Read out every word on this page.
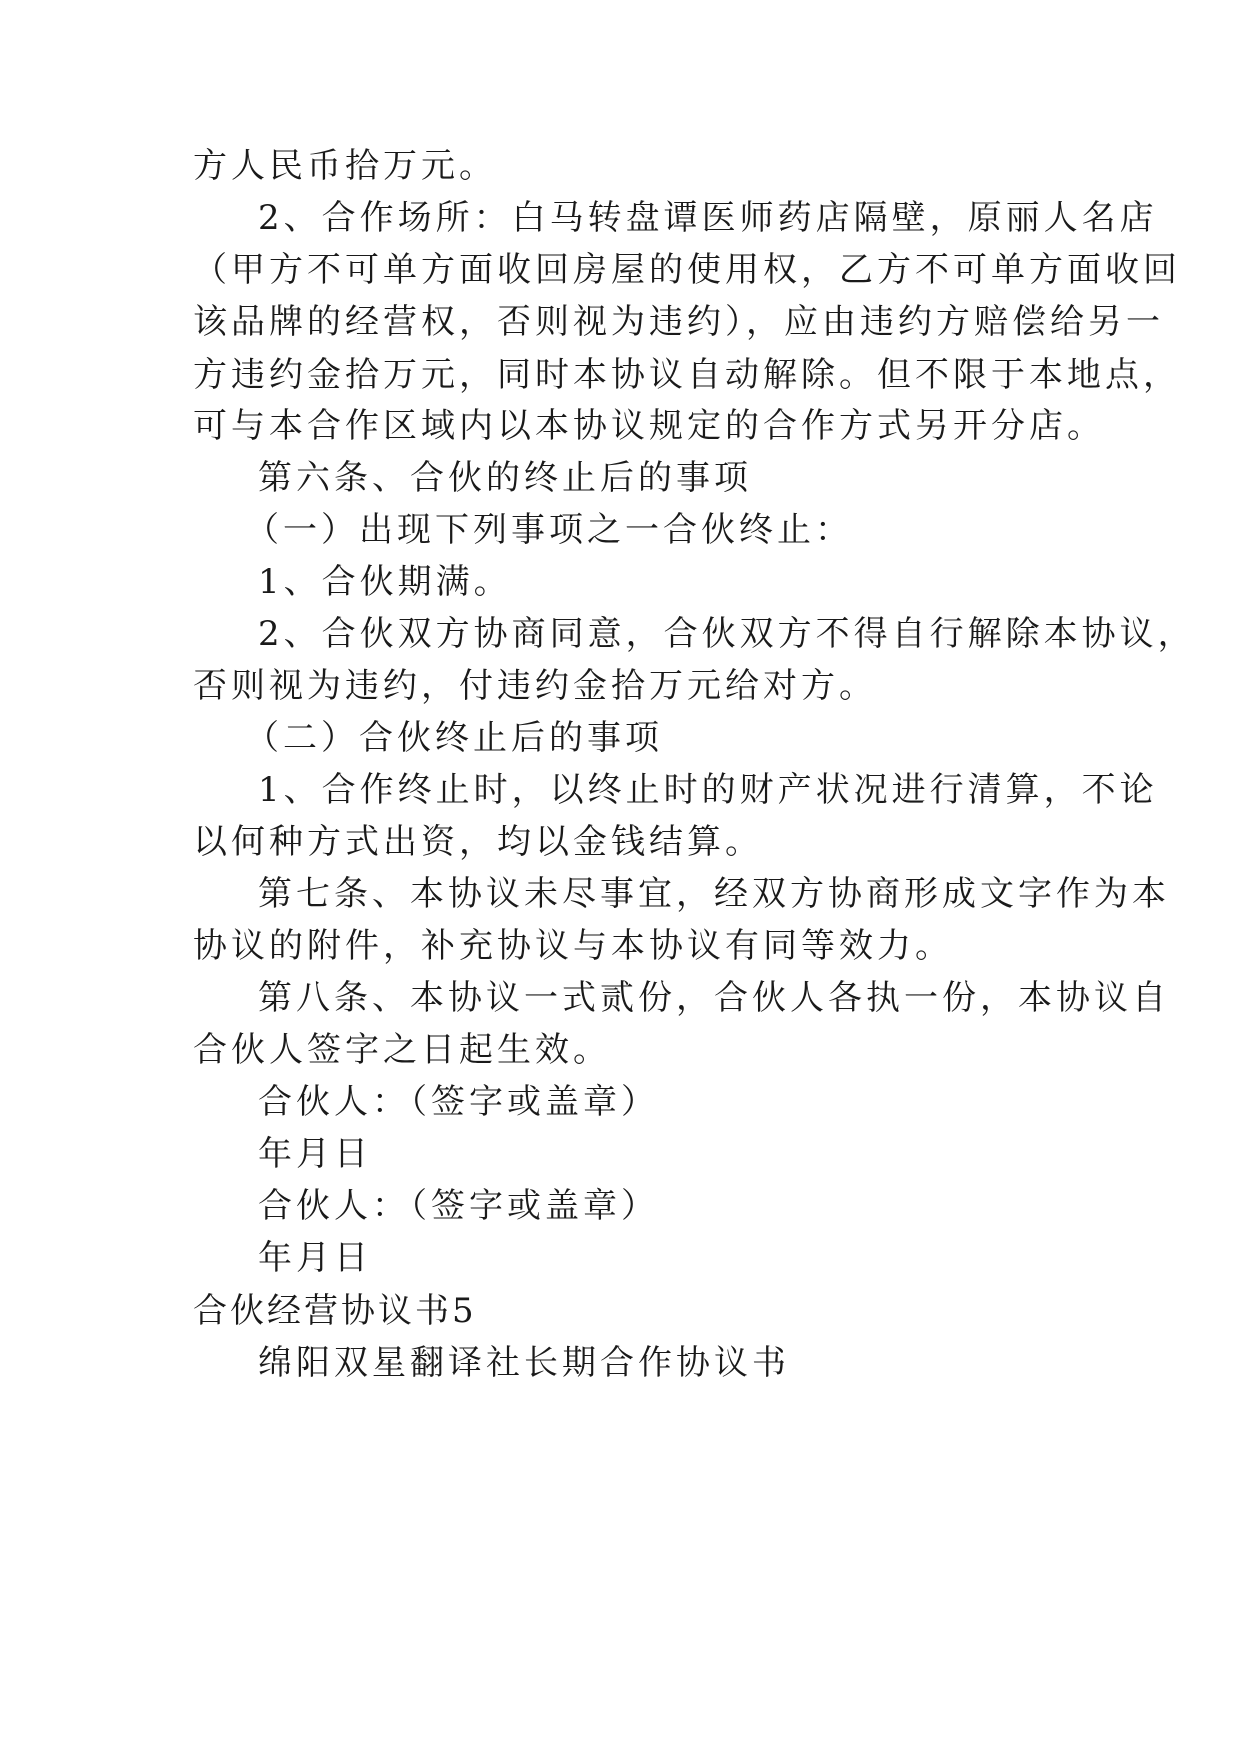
方人民币拾万元。
2、合作场所：白马转盘谭医师药店隔壁，原丽人名店
（甲方不可单方面收回房屋的使用权，乙方不可单方面收回
该品牌的经营权，否则视为违约），应由违约方赔偿给另一
方违约金拾万元，同时本协议自动解除。但不限于本地点，
可与本合作区域内以本协议规定的合作方式另开分店。
第六条、合伙的终止后的事项
（一）出现下列事项之一合伙终止：
1、合伙期满。
2、合伙双方协商同意，合伙双方不得自行解除本协议，
否则视为违约，付违约金拾万元给对方。
（二）合伙终止后的事项
1、合作终止时，以终止时的财产状况进行清算，不论
以何种方式出资，均以金钱结算。
第七条、本协议未尽事宜，经双方协商形成文字作为本
协议的附件，补充协议与本协议有同等效力。
第八条、本协议一式贰份，合伙人各执一份，本协议自
合伙人签字之日起生效。
合伙人：（签字或盖章）
年月日
合伙人：（签字或盖章）
年月日
合伙经营协议书5
绵阳双星翻译社长期合作协议书
